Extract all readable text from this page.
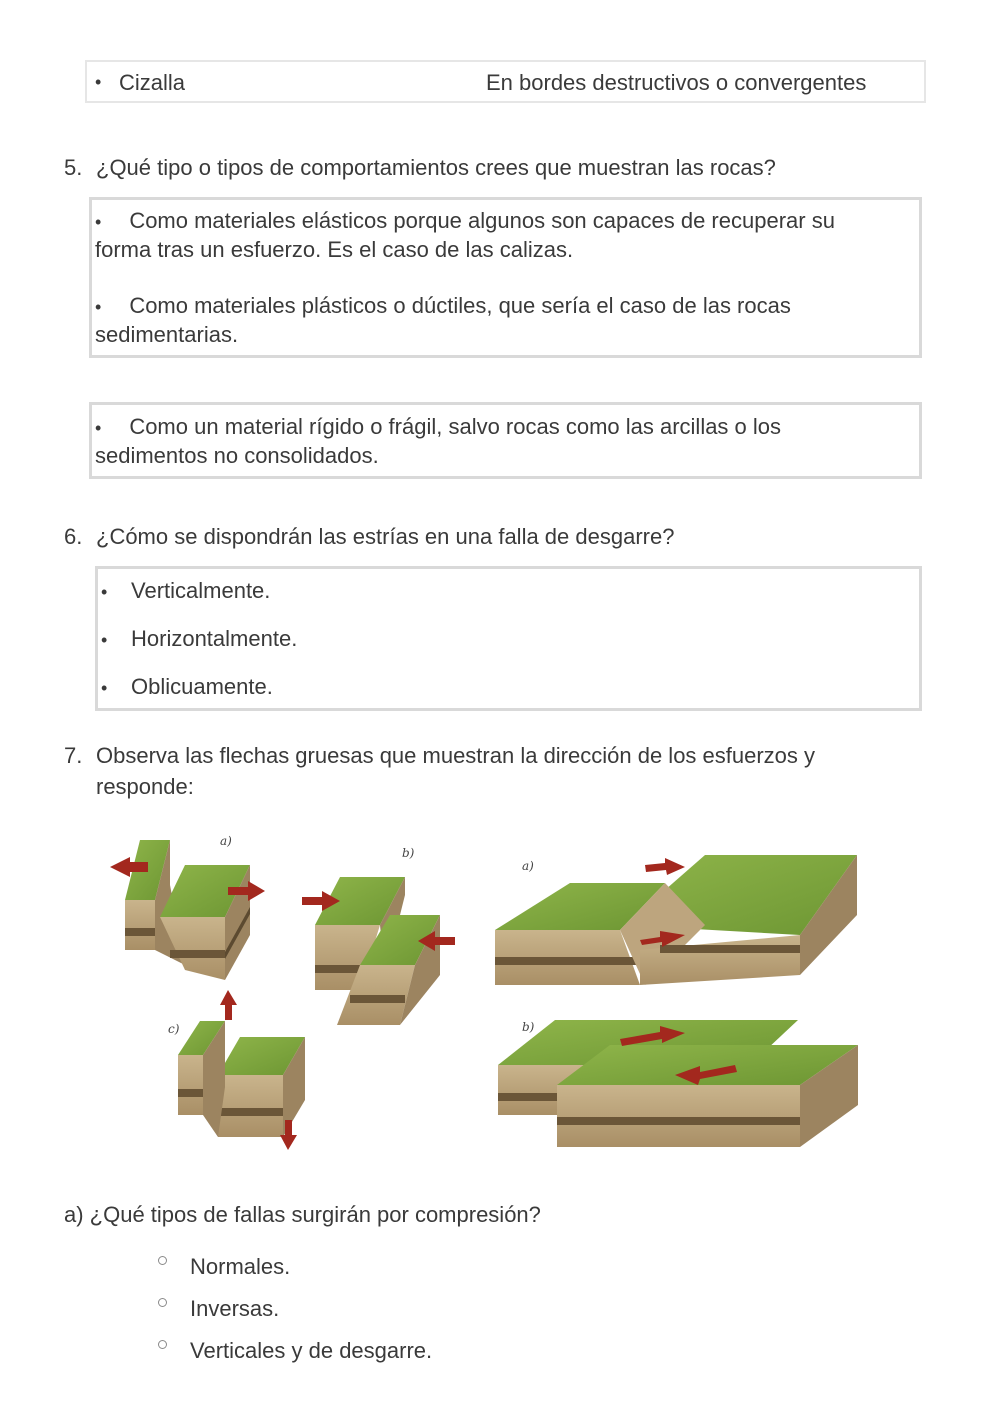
• Cizalla	En bordes destructivos o convergentes
5. ¿Qué tipo o tipos de comportamientos crees que muestran las rocas?
• Como materiales elásticos porque algunos son capaces de recuperar su
forma tras un esfuerzo. Es el caso de las calizas.
• Como materiales plásticos o dúctiles, que sería el caso de las rocas
sedimentarias.
• Como un material rígido o frágil, salvo rocas como las arcillas o los
sedimentos no consolidados.
6. ¿Cómo se dispondrán las estrías en una falla de desgarre?
• Verticalmente.
• Horizontalmente.
• Oblicuamente.
7. Observa las flechas gruesas que muestran la dirección de los esfuerzos y
responde:
a)
b)
c)
a)
b)
a) ¿Qué tipos de fallas surgirán por compresión?
Normales.
Inversas.
Verticales y de desgarre.
